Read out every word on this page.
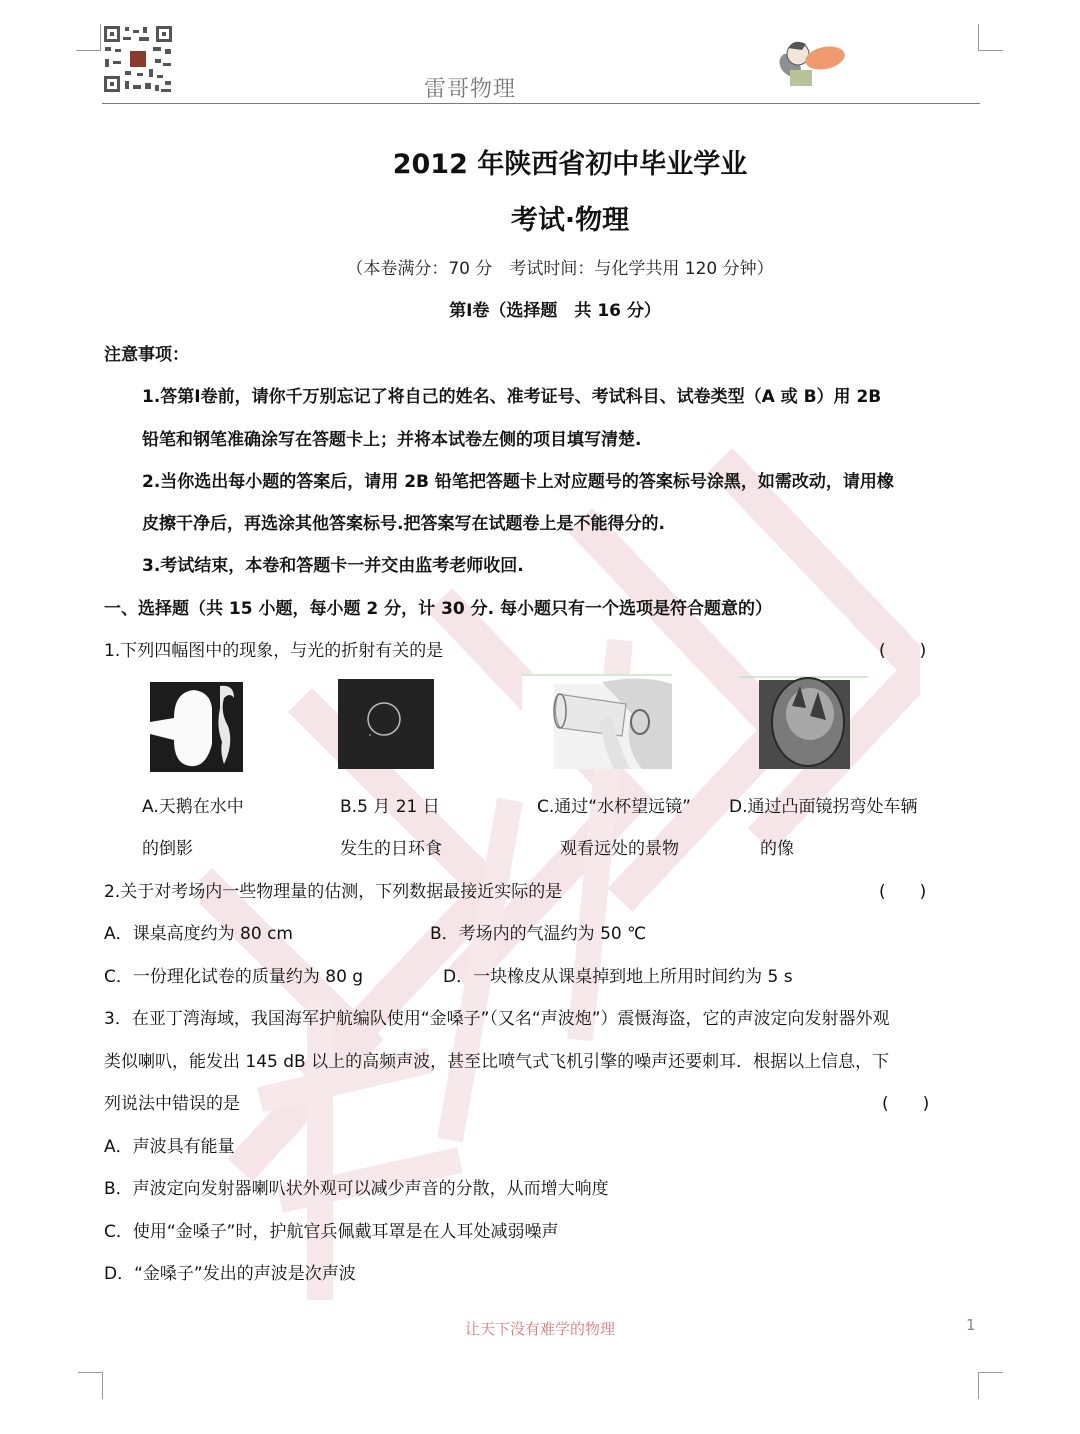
雷哥物理
2012 年陕西省初中毕业学业
考试·物理
（本卷满分：70 分　考试时间：与化学共用 120 分钟）
第Ⅰ卷（选择题　共 16 分）
注意事项：
1.答第Ⅰ卷前，请你千万别忘记了将自己的姓名、准考证号、考试科目、试卷类型（A 或 B）用 2B
铅笔和钢笔准确涂写在答题卡上；并将本试卷左侧的项目填写清楚.
2.当你选出每小题的答案后，请用 2B 铅笔把答题卡上对应题号的答案标号涂黑，如需改动，请用橡
皮擦干净后，再选涂其他答案标号.把答案写在试题卷上是不能得分的.
3.考试结束，本卷和答题卡一并交由监考老师收回.
一、选择题（共 15 小题，每小题 2 分，计 30 分. 每小题只有一个选项是符合题意的）
1.下列四幅图中的现象，与光的折射有关的是	(　　)
A.天鹅在水中
的倒影
B.5 月 21 日
发生的日环食
C.通过“水杯望远镜”
观看远处的景物
D.通过凸面镜拐弯处车辆
的像
2.关于对考场内一些物理量的估测，下列数据最接近实际的是	(　　)
A．课桌高度约为 80 cm	B．考场内的气温约为 50 ℃
C．一份理化试卷的质量约为 80 g	D．一块橡皮从课桌掉到地上所用时间约为 5 s
3．在亚丁湾海域，我国海军护航编队使用“金嗓子”（又名“声波炮”）震慑海盗，它的声波定向发射器外观
类似喇叭，能发出 145 dB 以上的高频声波，甚至比喷气式飞机引擎的噪声还要刺耳．根据以上信息，下
列说法中错误的是	(　　)
A．声波具有能量
B．声波定向发射器喇叭状外观可以减少声音的分散，从而增大响度
C．使用“金嗓子”时，护航官兵佩戴耳罩是在人耳处减弱噪声
D．“金嗓子”发出的声波是次声波
让天下没有难学的物理	1
